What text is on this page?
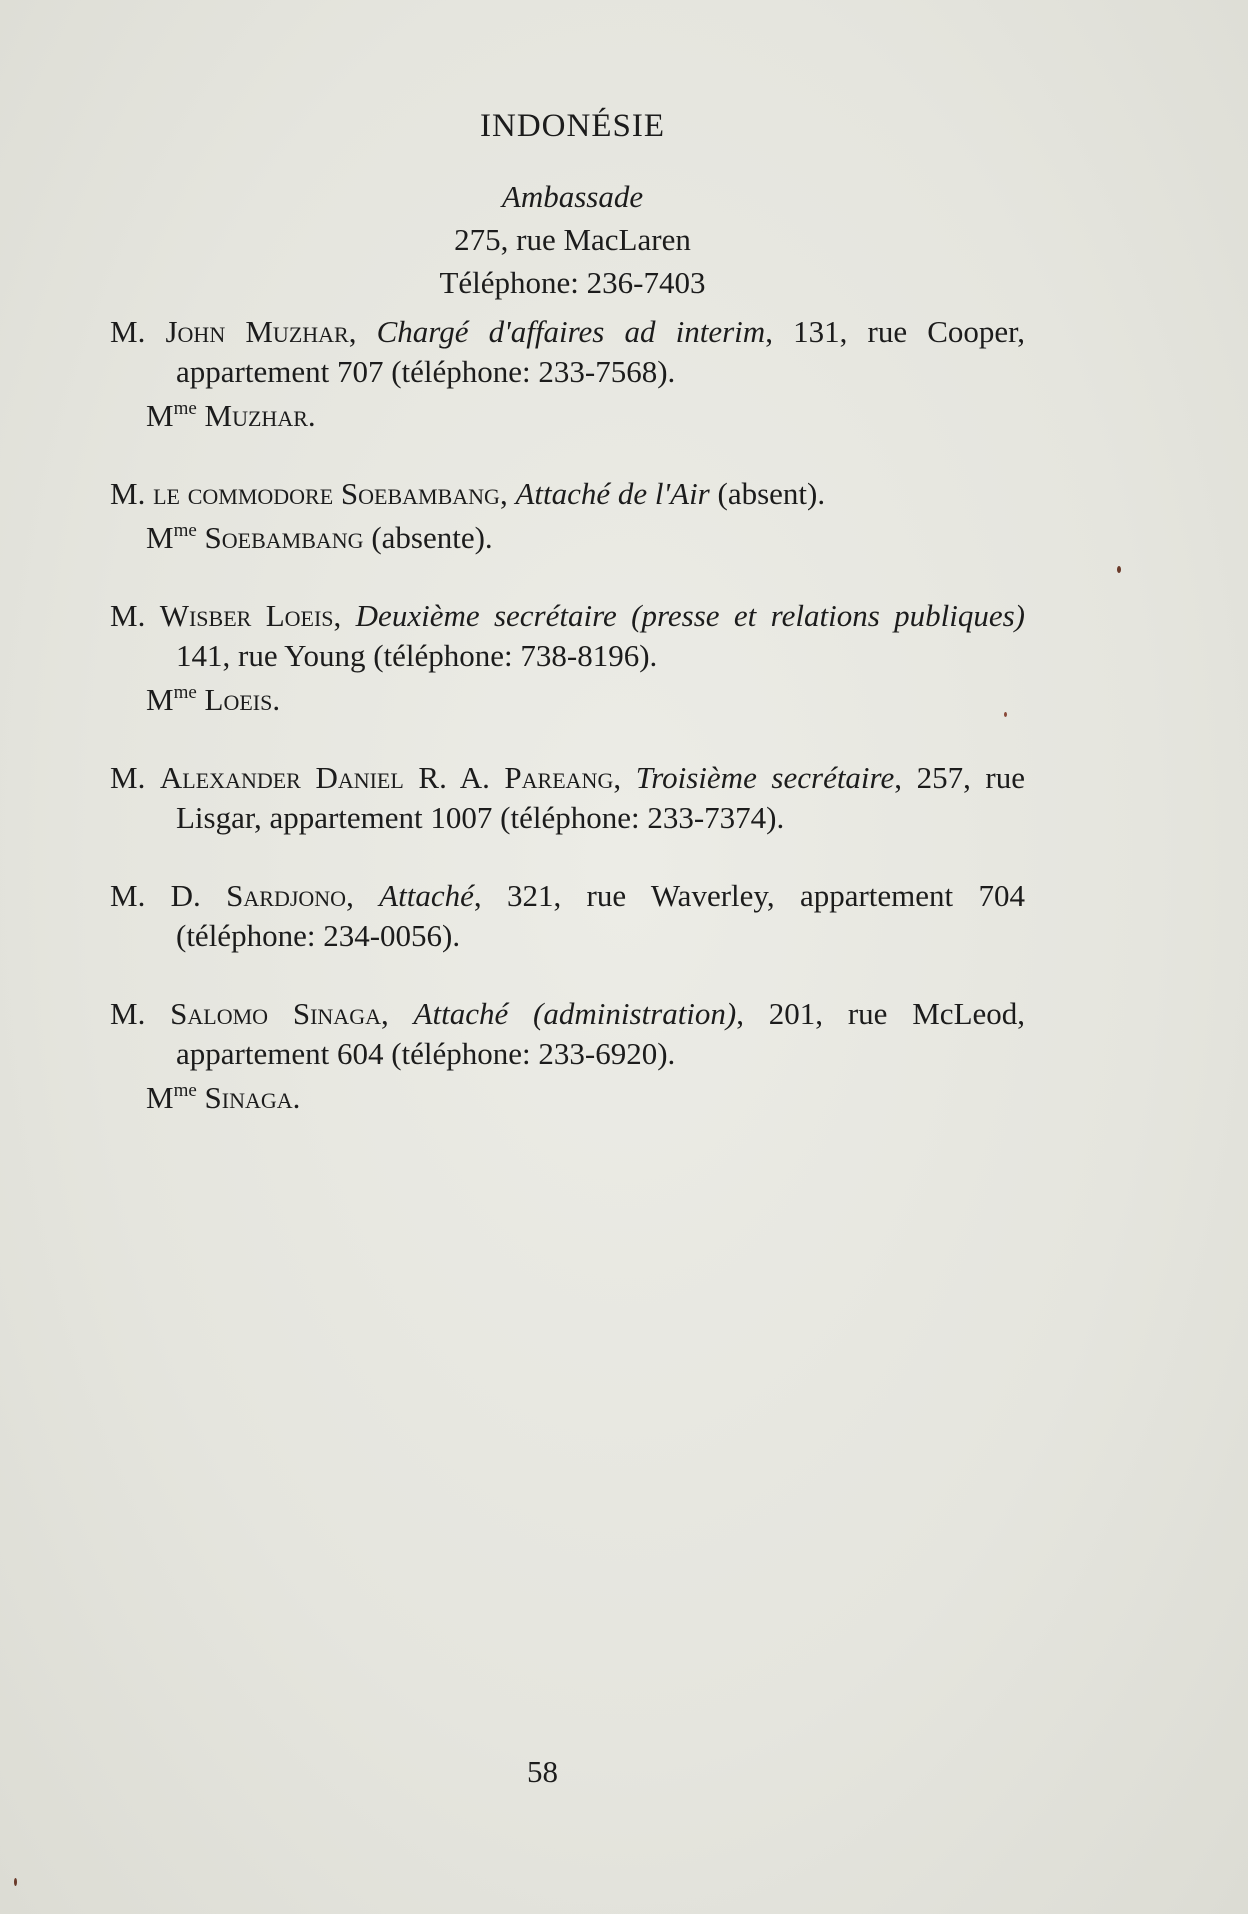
INDONÉSIE

Ambassade

275, rue MacLaren

Téléphone: 236-7403

M. John Muzhar, Chargé d'affaires ad interim, 131, rue Cooper, appartement 707 (téléphone: 233-7568).

$M^{me}$ Muzhar.

M. le commodore Soebambang, Attaché de l'Air (absent).

$M^{me}$ Soebambang (absente).

M. Wisber Loeis, Deuxième secrétaire (presse et relations publiques) 141, rue Young (téléphone: 738-8196).

$M^{me}$ Loeis.

M. Alexander Daniel R. A. Pareang, Troisième secrétaire, 257, rue Lisgar, appartement 1007 (téléphone: 233-7374).

M. D. Sardjono, Attaché, 321, rue Waverley, appartement 704 (téléphone: 234-0056).

M. Salomo Sinaga, Attaché (administration), 201, rue McLeod, appartement 604 (téléphone: 233-6920).

$M^{me}$ Sinaga.

58
